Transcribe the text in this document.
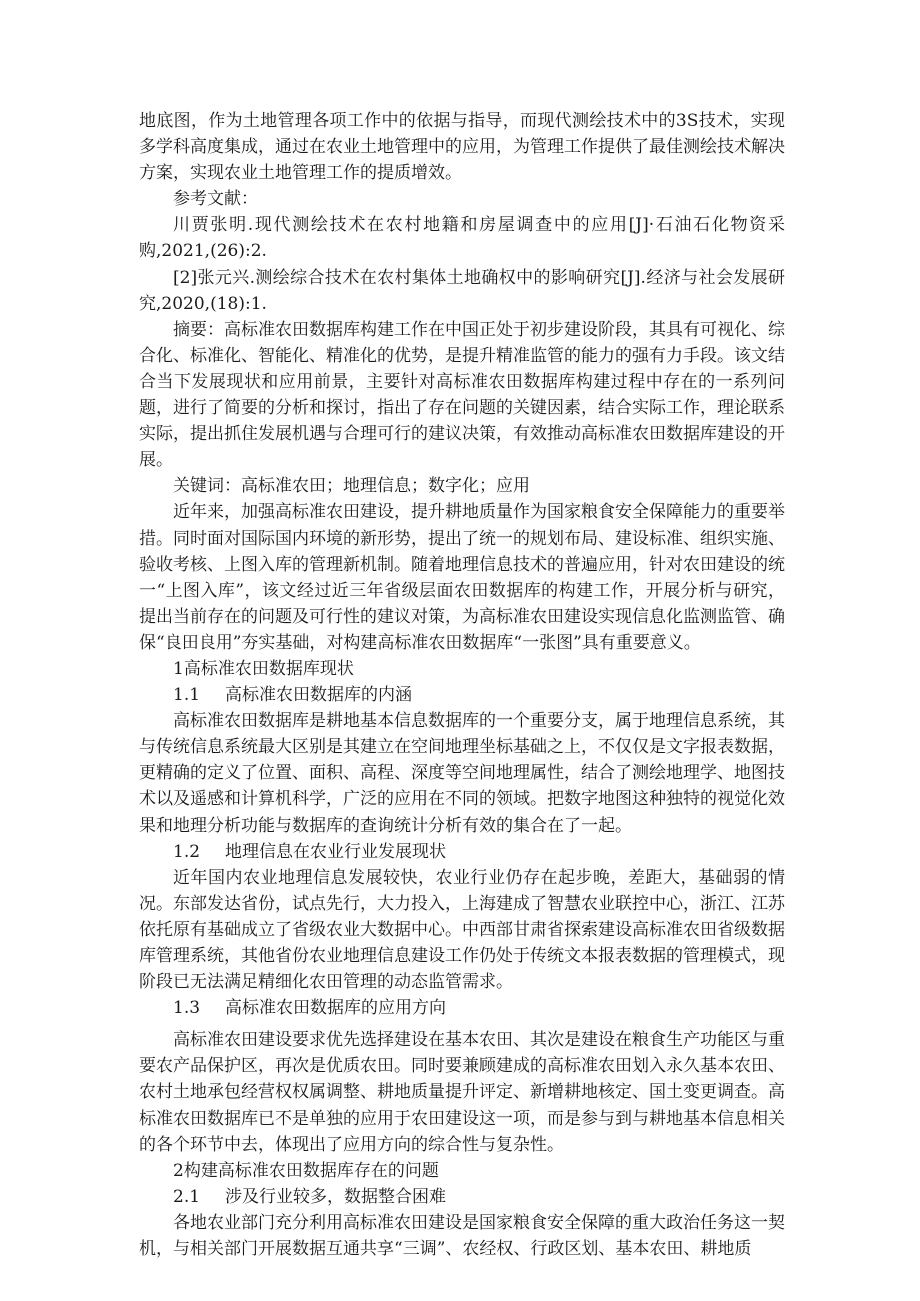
地底图，作为土地管理各项工作中的依据与指导，而现代测绘技术中的3S技术，实现多学科高度集成，通过在农业土地管理中的应用，为管理工作提供了最佳测绘技术解决方案，实现农业土地管理工作的提质增效。

参考文献：

川贾张明.现代测绘技术在农村地籍和房屋调查中的应用[J]·石油石化物资采购,2021,(26):2.

[2]张元兴.测绘综合技术在农村集体土地确权中的影响研究[J].经济与社会发展研究,2020,(18):1.

摘要：高标准农田数据库构建工作在中国正处于初步建设阶段，其具有可视化、综合化、标准化、智能化、精准化的优势，是提升精准监管的能力的强有力手段。该文结合当下发展现状和应用前景，主要针对高标准农田数据库构建过程中存在的一系列问题，进行了简要的分析和探讨，指出了存在问题的关键因素，结合实际工作，理论联系实际，提出抓住发展机遇与合理可行的建议决策，有效推动高标准农田数据库建设的开展。

关键词：高标准农田；地理信息；数字化；应用

近年来，加强高标准农田建设，提升耕地质量作为国家粮食安全保障能力的重要举措。同时面对国际国内环境的新形势，提出了统一的规划布局、建设标准、组织实施、验收考核、上图入库的管理新机制。随着地理信息技术的普遍应用，针对农田建设的统一“上图入库”，该文经过近三年省级层面农田数据库的构建工作，开展分析与研究，提出当前存在的问题及可行性的建议对策，为高标准农田建设实现信息化监测监管、确保“良田良用”夯实基础，对构建高标准农田数据库“一张图”具有重要意义。

1高标准农田数据库现状

1.1 高标准农田数据库的内涵

高标准农田数据库是耕地基本信息数据库的一个重要分支，属于地理信息系统，其与传统信息系统最大区别是其建立在空间地理坐标基础之上，不仅仅是文字报表数据，更精确的定义了位置、面积、高程、深度等空间地理属性，结合了测绘地理学、地图技术以及遥感和计算机科学，广泛的应用在不同的领域。把数字地图这种独特的视觉化效果和地理分析功能与数据库的查询统计分析有效的集合在了一起。

1.2 地理信息在农业行业发展现状

近年国内农业地理信息发展较快，农业行业仍存在起步晚，差距大，基础弱的情况。东部发达省份，试点先行，大力投入，上海建成了智慧农业联控中心，浙江、江苏依托原有基础成立了省级农业大数据中心。中西部甘肃省探索建设高标准农田省级数据库管理系统，其他省份农业地理信息建设工作仍处于传统文本报表数据的管理模式，现阶段已无法满足精细化农田管理的动态监管需求。

1.3 高标准农田数据库的应用方向

高标准农田建设要求优先选择建设在基本农田、其次是建设在粮食生产功能区与重要农产品保护区，再次是优质农田。同时要兼顾建成的高标准农田划入永久基本农田、农村土地承包经营权权属调整、耕地质量提升评定、新增耕地核定、国土变更调查。高标准农田数据库已不是单独的应用于农田建设这一项，而是参与到与耕地基本信息相关的各个环节中去，体现出了应用方向的综合性与复杂性。

2构建高标准农田数据库存在的问题

2.1 涉及行业较多，数据整合困难

各地农业部门充分利用高标准农田建设是国家粮食安全保障的重大政治任务这一契机，与相关部门开展数据互通共享“三调”、农经权、行政区划、基本农田、耕地质
